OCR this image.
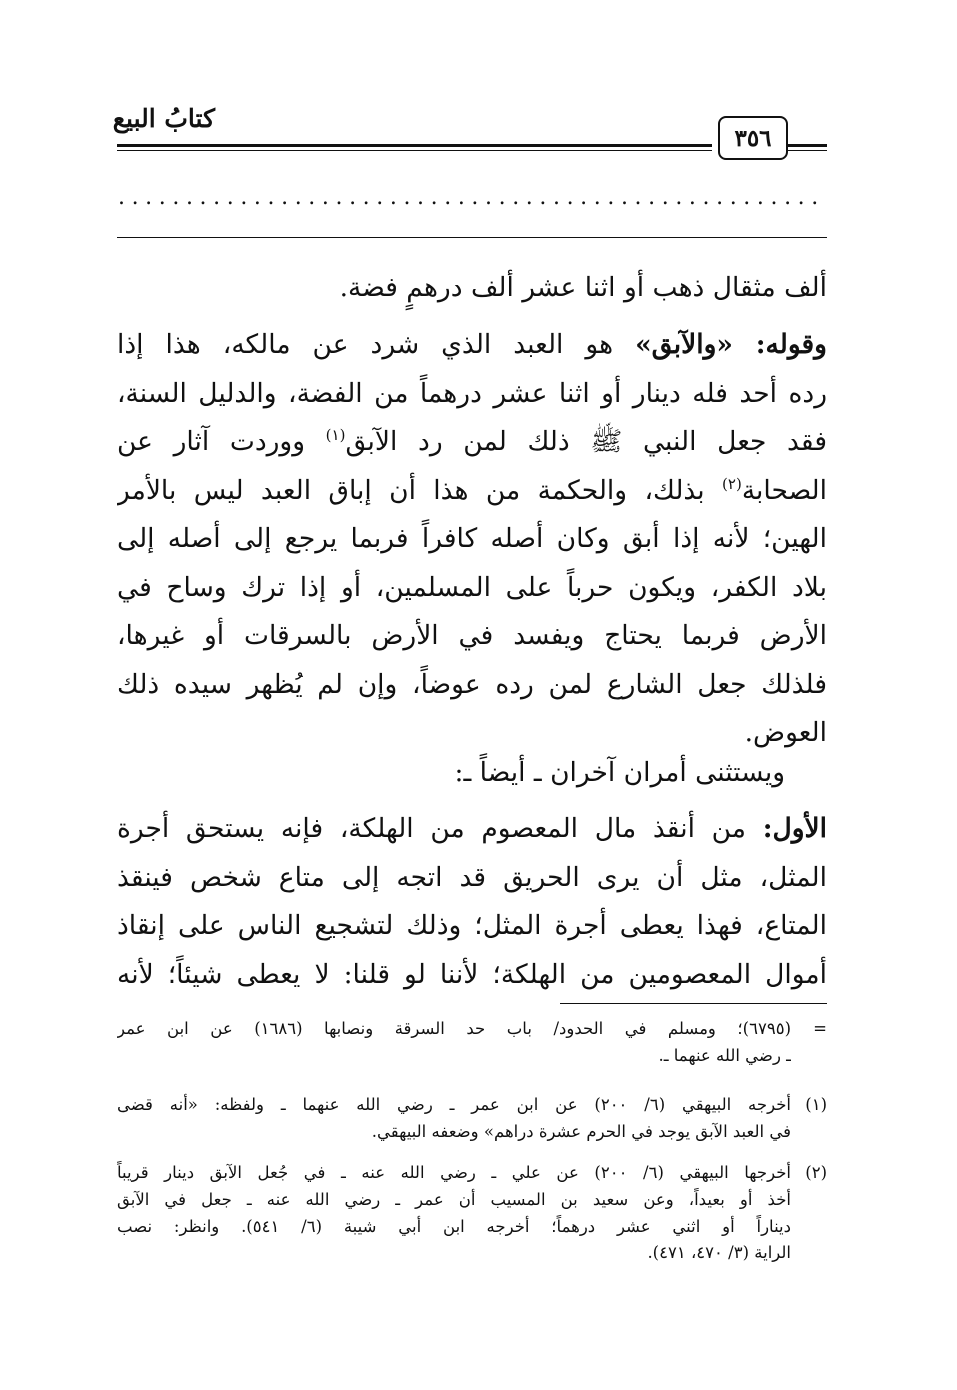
كتابُ البيع
٣٥٦
....................................................
ألف مثقال ذهب أو اثنا عشر ألف درهمٍ فضة.
وقوله: «والآبق» هو العبد الذي شرد عن مالكه، هذا إذا
رده أحد فله دينار أو اثنا عشر درهماً من الفضة، والدليل السنة،
فقد جعل النبي ﷺ ذلك لمن رد الآبق$^{(١)}$ ووردت آثار عن
الصحابة$^{(٢)}$ بذلك، والحكمة من هذا أن إباق العبد ليس بالأمر
الهين؛ لأنه إذا أبق وكان أصله كافراً فربما يرجع إلى أصله إلى
بلاد الكفر، ويكون حرباً على المسلمين، أو إذا ترك وساح في
الأرض فربما يحتاج ويفسد في الأرض بالسرقات أو غيرها،
فلذلك جعل الشارع لمن رده عوضاً، وإن لم يُظهر سيده ذلك
العوض.
ويستثنى أمران آخران ـ أيضاً ـ:
الأول: من أنقذ مال المعصوم من الهلكة، فإنه يستحق أجرة
المثل، مثل أن يرى الحريق قد اتجه إلى متاع شخص فينقذ
المتاع، فهذا يعطى أجرة المثل؛ وذلك لتشجيع الناس على إنقاذ
أموال المعصومين من الهلكة؛ لأننا لو قلنا: لا يعطى شيئاً؛ لأنه
=
(٦٧٩٥)؛ ومسلم في الحدود/ باب حد السرقة ونصابها (١٦٨٦) عن ابن عمر
ـ رضي الله عنهما ـ.
(١)
أخرجه البيهقي (٦/ ٢٠٠) عن ابن عمر ـ رضي الله عنهما ـ ولفظه: «أنه قضى
في العبد الآبق يوجد في الحرم عشرة دراهم» وضعفه البيهقي.
(٢)
أخرجها البيهقي (٦/ ٢٠٠) عن علي ـ رضي الله عنه ـ في جُعل الآبق دينار قريباً
أخذ أو بعيداً، وعن سعيد بن المسيب أن عمر ـ رضي الله عنه ـ جعل في الآبق
ديناراً أو اثني عشر درهماً؛ أخرجه ابن أبي شيبة (٦/ ٥٤١). وانظر: نصب
الراية (٣/ ٤٧٠، ٤٧١).
